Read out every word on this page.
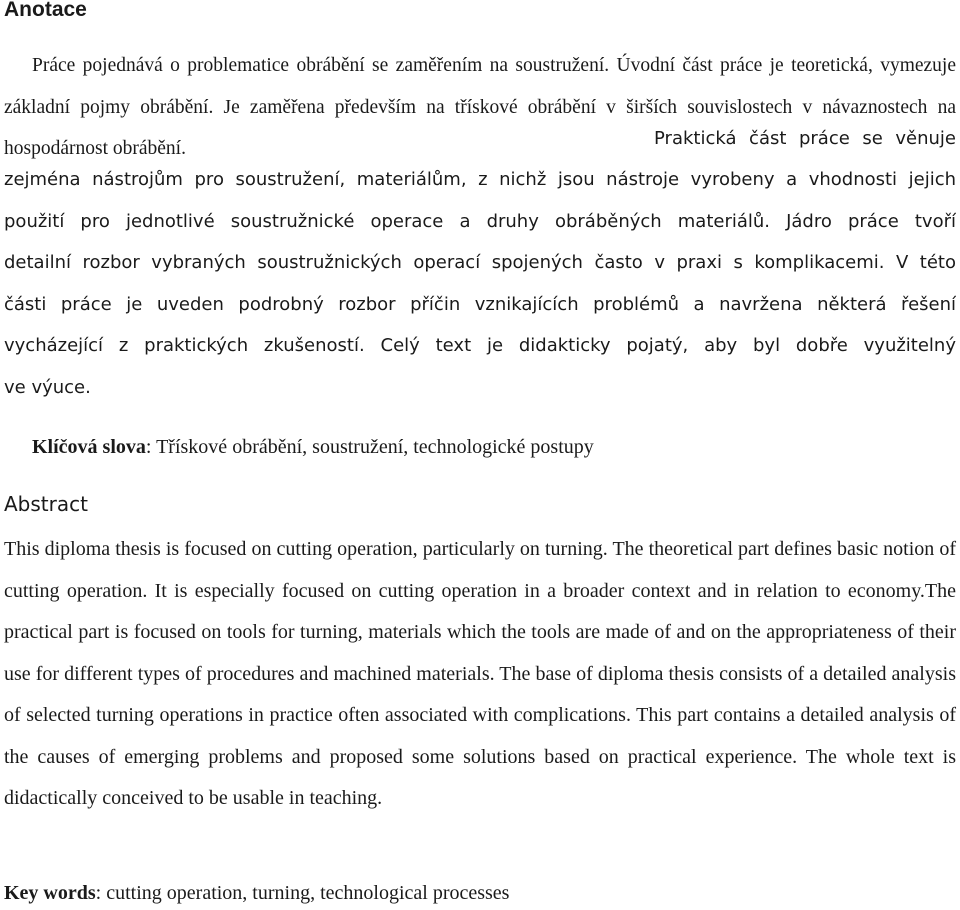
Anotace

Práce pojednává o problematice obrábění se zaměřením na soustružení. Úvodní část práce je teoretická, vymezuje základní pojmy obrábění. Je zaměřena především na třískové obrábění v širších souvislostech v návaznostech na hospodárnost obrábění.	Praktická část práce se věnuje
zejména nástrojům pro soustružení, materiálům, z nichž jsou nástroje vyrobeny a vhodnosti jejich
použití pro jednotlivé soustružnické operace a druhy obráběných materiálů. Jádro práce tvoří
detailní rozbor vybraných soustružnických operací spojených často v praxi s komplikacemi. V této
části práce je uveden podrobný rozbor příčin vznikajících problémů a navržena některá řešení
vycházející z praktických zkušeností. Celý text je didakticky pojatý, aby byl dobře využitelný
ve výuce.

Klíčová slova: Třískové obrábění, soustružení, technologické postupy

Abstract

This diploma thesis is focused on cutting operation, particularly on turning. The theoretical part defines basic notion of cutting operation. It is especially focused on cutting operation in a broader context and in relation to economy.The practical part is focused on tools for turning, materials which the tools are made of and on the appropriateness of their use for different types of procedures and machined materials. The base of diploma thesis consists of a detailed analysis of selected turning operations in practice often associated with complications. This part contains a detailed analysis of the causes of emerging problems and proposed some solutions based on practical experience. The whole text is didactically conceived to be usable in teaching.

Key words: cutting operation, turning, technological processes
